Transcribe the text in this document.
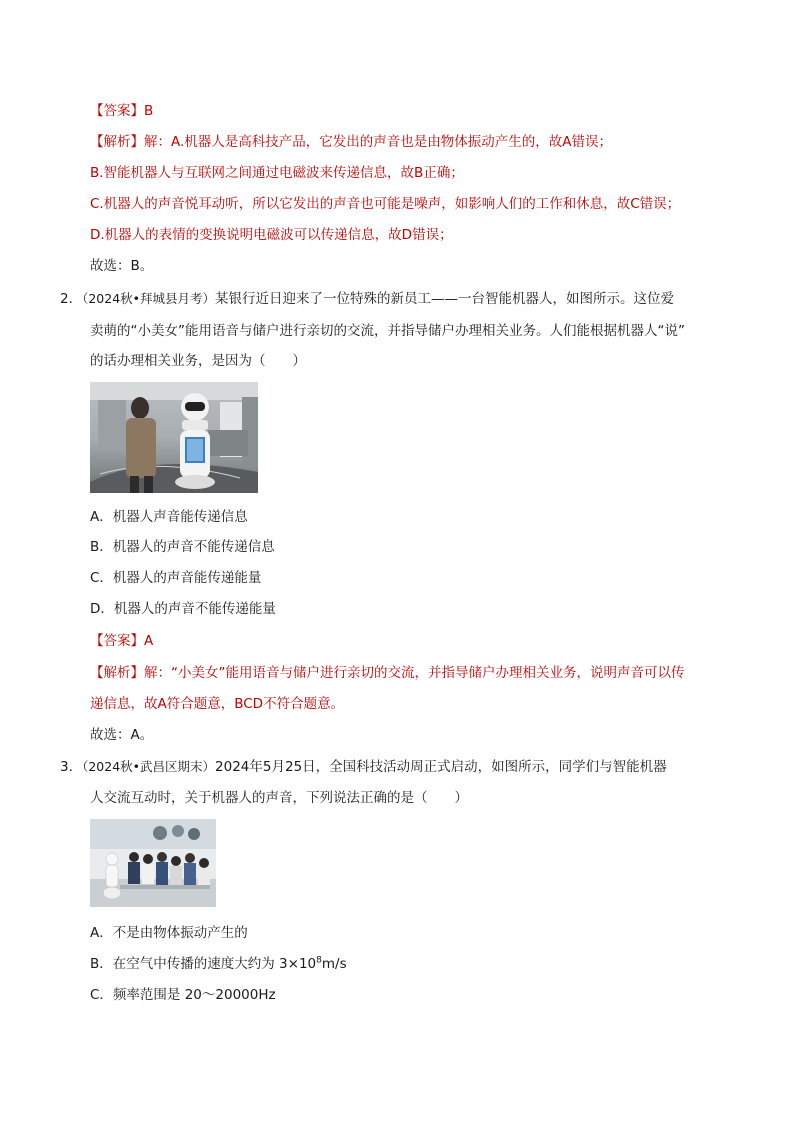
【答案】B
【解析】解：A.机器人是高科技产品，它发出的声音也是由物体振动产生的，故A错误；
B.智能机器人与互联网之间通过电磁波来传递信息，故B正确；
C.机器人的声音悦耳动听，所以它发出的声音也可能是噪声，如影响人们的工作和休息，故C错误；
D.机器人的表情的变换说明电磁波可以传递信息，故D错误；
故选：B。
2．（2024秋•拜城县月考）某银行近日迎来了一位特殊的新员工——一台智能机器人，如图所示。这位爱
卖萌的“小美女”能用语音与储户进行亲切的交流，并指导储户办理相关业务。人们能根据机器人“说”
的话办理相关业务，是因为（　　）
A．机器人声音能传递信息
B．机器人的声音不能传递信息
C．机器人的声音能传递能量
D．机器人的声音不能传递能量
【答案】A
【解析】解：“小美女”能用语音与储户进行亲切的交流，并指导储户办理相关业务，说明声音可以传
递信息，故A符合题意，BCD不符合题意。
故选：A。
3．（2024秋•武昌区期末）2024年5月25日，全国科技活动周正式启动，如图所示，同学们与智能机器
人交流互动时，关于机器人的声音，下列说法正确的是（　　）
A．不是由物体振动产生的
B．在空气中传播的速度大约为 $3\times 10^8m/s$
C．频率范围是 20～20000Hz
